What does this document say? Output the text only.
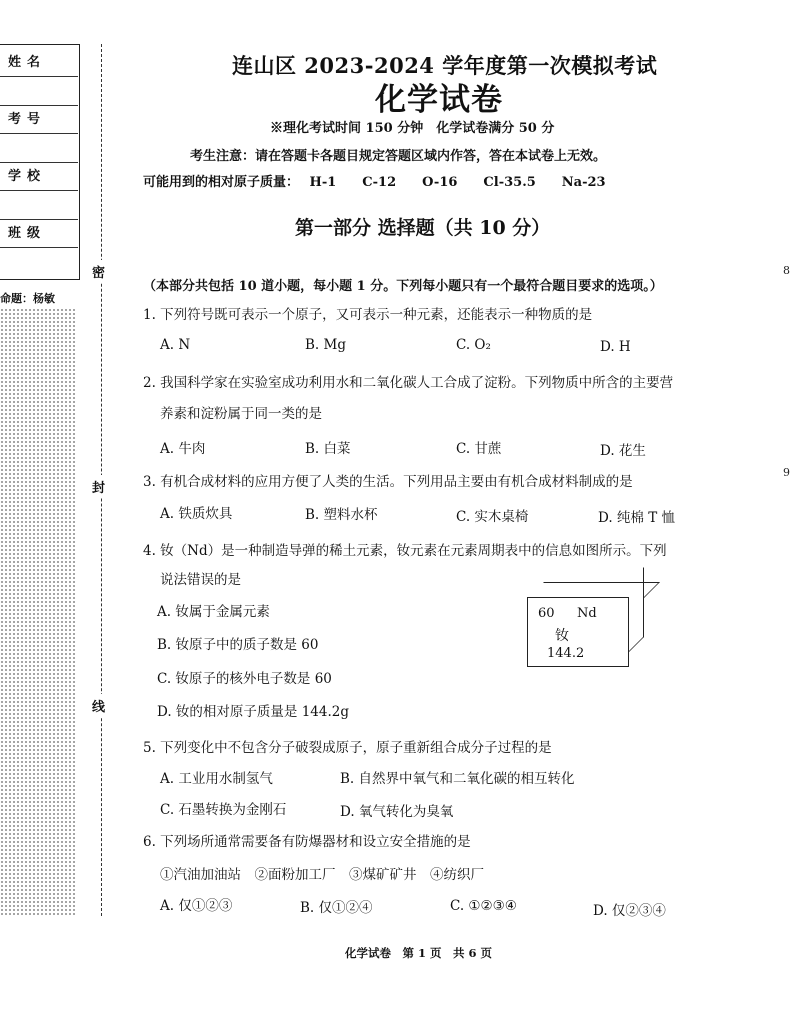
姓名
考号
学校
班级
命题：杨敏
密
封
线
连山区 2023-2024 学年度第一次模拟考试
化学试卷
※理化考试时间 150 分钟　化学试卷满分 50 分
考生注意：请在答题卡各题目规定答题区域内作答，答在本试卷上无效。
可能用到的相对原子质量： H-1 C-12 O-16 Cl-35.5 Na-23
第一部分 选择题（共 10 分）
（本部分共包括 10 道小题，每小题 1 分。下列每小题只有一个最符合题目要求的选项。）
1. 下列符号既可表示一个原子，又可表示一种元素，还能表示一种物质的是
A. N	B. Mg	C. O₂	D. H
2. 我国科学家在实验室成功利用水和二氧化碳人工合成了淀粉。下列物质中所含的主要营
养素和淀粉属于同一类的是
A. 牛肉	B. 白菜	C. 甘蔗	D. 花生
3. 有机合成材料的应用方便了人类的生活。下列用品主要由有机合成材料制成的是
A. 铁质炊具	B. 塑料水杯	C. 实木桌椅	D. 纯棉 T 恤
4. 钕（Nd）是一种制造导弹的稀土元素，钕元素在元素周期表中的信息如图所示。下列
说法错误的是
A. 钕属于金属元素
B. 钕原子中的质子数是 60
C. 钕原子的核外电子数是 60
D. 钕的相对原子质量是 144.2g
60 Nd
钕
144.2
5. 下列变化中不包含分子破裂成原子，原子重新组合成分子过程的是
A. 工业用水制氢气	B. 自然界中氧气和二氧化碳的相互转化
C. 石墨转换为金刚石	D. 氧气转化为臭氧
6. 下列场所通常需要备有防爆器材和设立安全措施的是
①汽油加油站　②面粉加工厂　③煤矿矿井　④纺织厂
A. 仅①②③	B. 仅①②④	C. ①②③④	D. 仅②③④
化学试卷　第 1 页　共 6 页
8
9
